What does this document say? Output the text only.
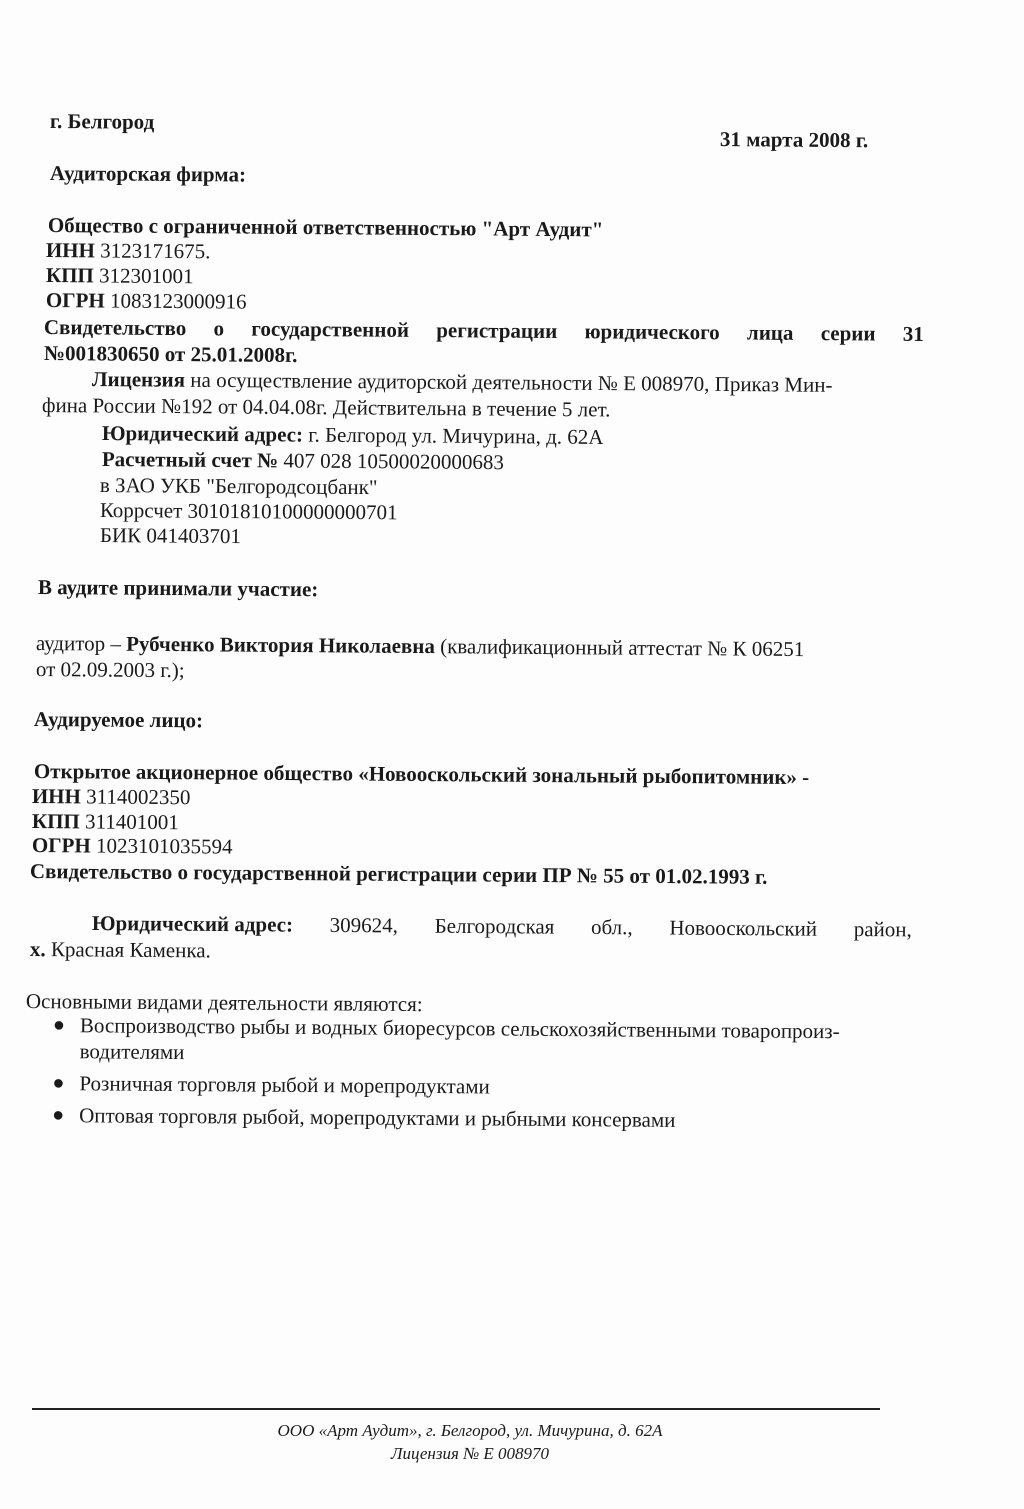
г. Белгород
31 марта 2008 г.
Аудиторская фирма:
Общество с ограниченной ответственностью "Арт Аудит"
ИНН 3123171675.
КПП 312301001
ОГРН 1083123000916
Свидетельство о государственной регистрации юридического лица серии 31
№001830650 от 25.01.2008г.
Лицензия на осуществление аудиторской деятельности № Е 008970, Приказ Мин-
фина России №192 от 04.04.08г. Действительна в течение 5 лет.
Юридический адрес: г. Белгород ул. Мичурина, д. 62А
Расчетный счет № 407 028 10500020000683
в ЗАО УКБ "Белгородсоцбанк"
Коррсчет 30101810100000000701
БИК 041403701
В аудите принимали участие:
аудитор – Рубченко Виктория Николаевна (квалификационный аттестат № К 06251
от 02.09.2003 г.);
Аудируемое лицо:
Открытое акционерное общество «Новооскольский зональный рыбопитомник» -
ИНН 3114002350
КПП 311401001
ОГРН 1023101035594
Свидетельство о государственной регистрации серии ПР № 55 от 01.02.1993 г.
Юридический адрес: 309624, Белгородская обл., Новооскольский район,
х. Красная Каменка.
Основными видами деятельности являются:
● Воспроизводство рыбы и водных биоресурсов сельскохозяйственными товаропроиз-водителями
● Розничная торговля рыбой и морепродуктами
● Оптовая торговля рыбой, морепродуктами и рыбными консервами
ООО «Арт Аудит», г. Белгород, ул. Мичурина, д. 62А
Лицензия № Е 008970
